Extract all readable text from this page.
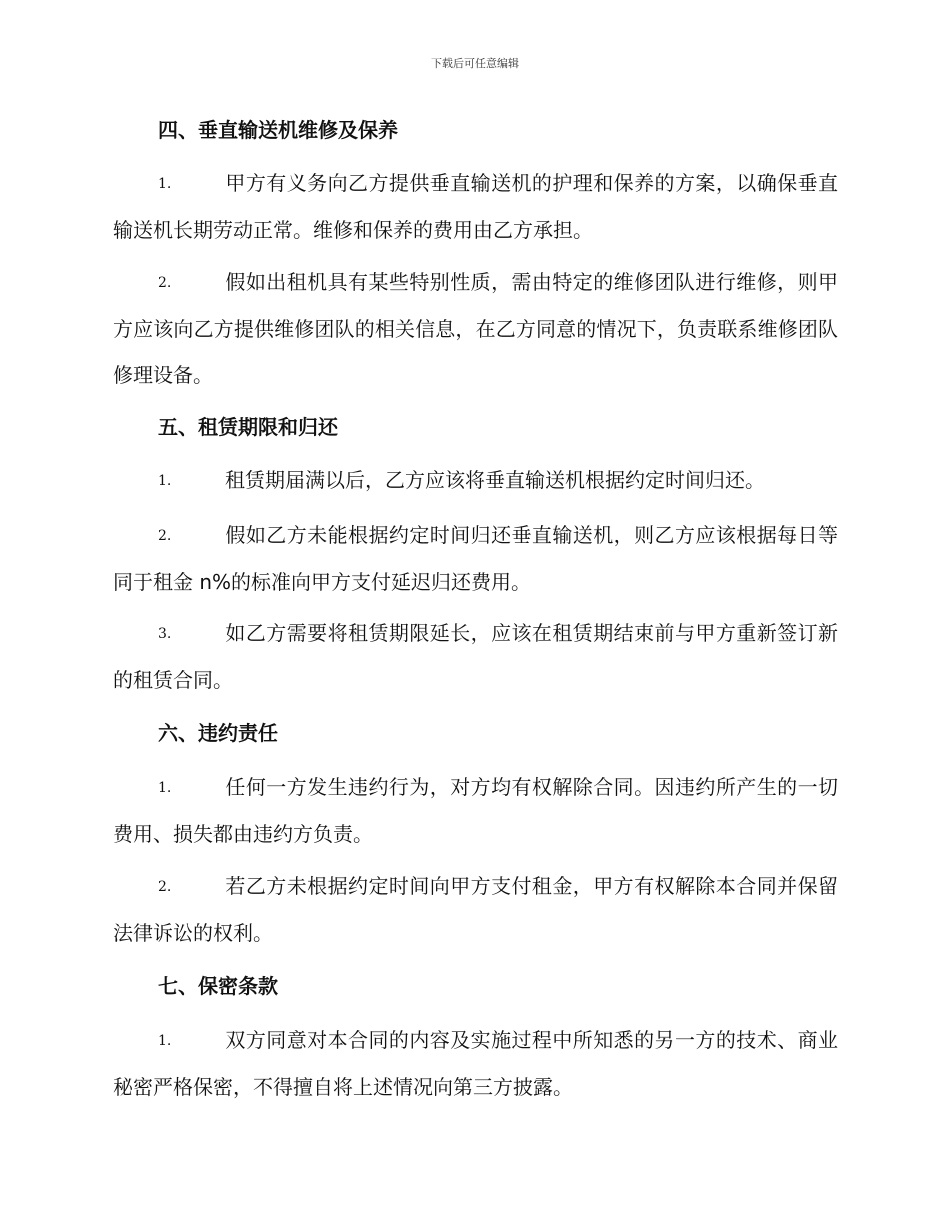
下载后可任意编辑

四、垂直输送机维修及保养

1.	甲方有义务向乙方提供垂直输送机的护理和保养的方案，以确保垂直输送机长期劳动正常。维修和保养的费用由乙方承担。

2.	假如出租机具有某些特别性质，需由特定的维修团队进行维修，则甲方应该向乙方提供维修团队的相关信息，在乙方同意的情况下，负责联系维修团队修理设备。

五、租赁期限和归还

1.	租赁期届满以后，乙方应该将垂直输送机根据约定时间归还。

2.	假如乙方未能根据约定时间归还垂直输送机，则乙方应该根据每日等同于租金 n%的标准向甲方支付延迟归还费用。

3.	如乙方需要将租赁期限延长，应该在租赁期结束前与甲方重新签订新的租赁合同。

六、违约责任

1.	任何一方发生违约行为，对方均有权解除合同。因违约所产生的一切费用、损失都由违约方负责。

2.	若乙方未根据约定时间向甲方支付租金，甲方有权解除本合同并保留法律诉讼的权利。

七、保密条款

1.	双方同意对本合同的内容及实施过程中所知悉的另一方的技术、商业秘密严格保密，不得擅自将上述情况向第三方披露。
